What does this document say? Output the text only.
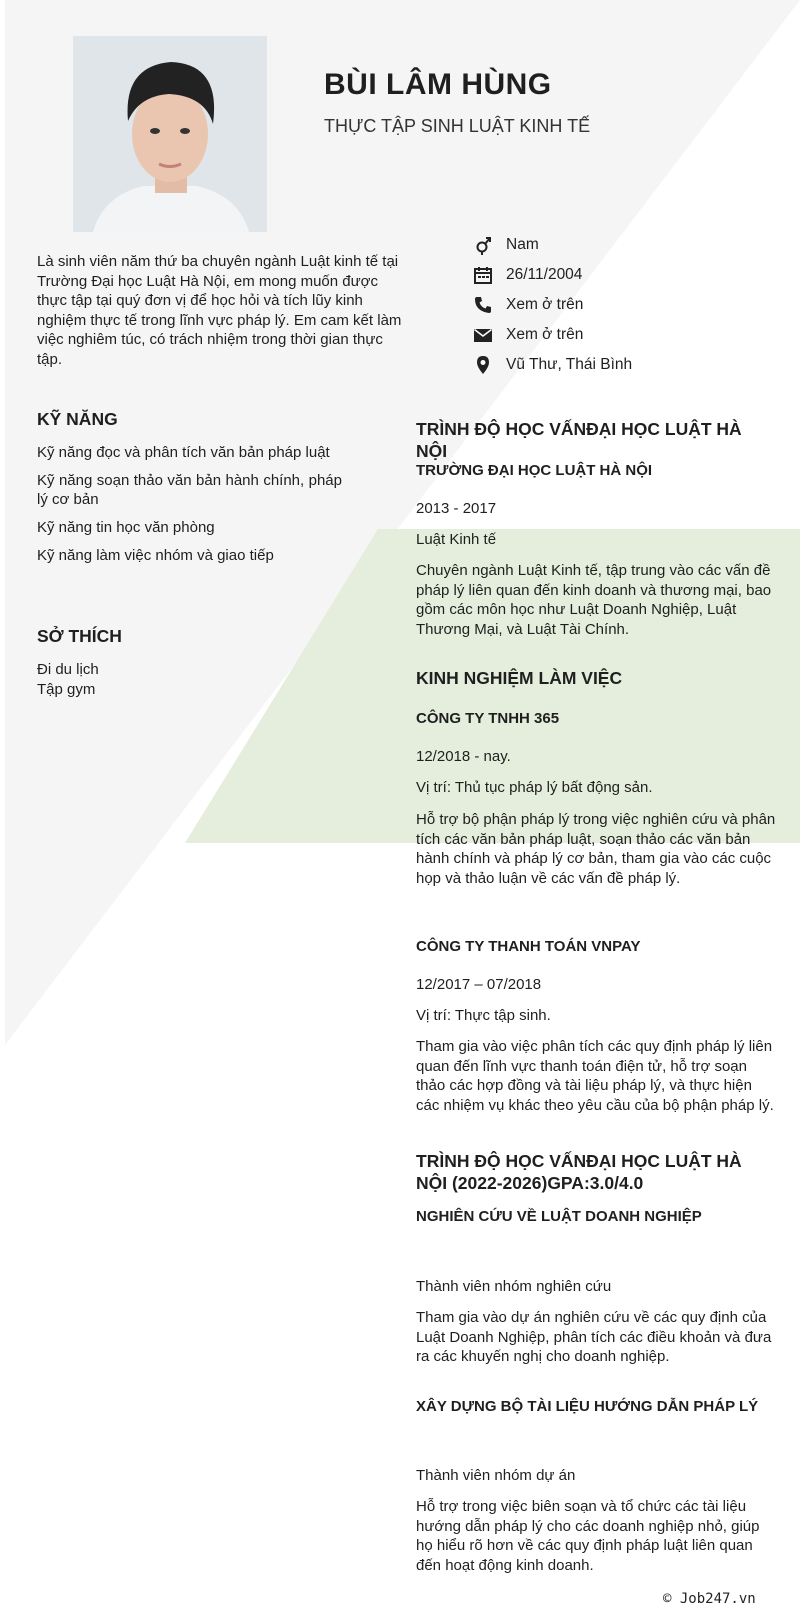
BÙI LÂM HÙNG
THỰC TẬP SINH LUẬT KINH TẾ
Là sinh viên năm thứ ba chuyên ngành Luật kinh tế tại Trường Đại học Luật Hà Nội, em mong muốn được thực tập tại quý đơn vị để học hỏi và tích lũy kinh nghiệm thực tế trong lĩnh vực pháp lý. Em cam kết làm việc nghiêm túc, có trách nhiệm trong thời gian thực tập.
Nam
26/11/2004
Xem ở trên
Xem ở trên
Vũ Thư, Thái Bình
KỸ NĂNG
Kỹ năng đọc và phân tích văn bản pháp luật
Kỹ năng soạn thảo văn bản hành chính, pháp lý cơ bản
Kỹ năng tin học văn phòng
Kỹ năng làm việc nhóm và giao tiếp
SỞ THÍCH
Đi du lịch
Tập gym
TRÌNH ĐỘ HỌC VẤNĐẠI HỌC LUẬT HÀ NỘI
TRƯỜNG ĐẠI HỌC LUẬT HÀ NỘI
2013 - 2017
Luật Kinh tế
Chuyên ngành Luật Kinh tế, tập trung vào các vấn đề pháp lý liên quan đến kinh doanh và thương mại, bao gồm các môn học như Luật Doanh Nghiệp, Luật Thương Mại, và Luật Tài Chính.
KINH NGHIỆM LÀM VIỆC
CÔNG TY TNHH 365
12/2018 - nay.
Vị trí: Thủ tục pháp lý bất động sản.
Hỗ trợ bộ phận pháp lý trong việc nghiên cứu và phân tích các văn bản pháp luật, soạn thảo các văn bản hành chính và pháp lý cơ bản, tham gia vào các cuộc họp và thảo luận về các vấn đề pháp lý.
CÔNG TY THANH TOÁN VNPAY
12/2017 – 07/2018
Vị trí: Thực tập sinh.
Tham gia vào việc phân tích các quy định pháp lý liên quan đến lĩnh vực thanh toán điện tử, hỗ trợ soạn thảo các hợp đồng và tài liệu pháp lý, và thực hiện các nhiệm vụ khác theo yêu cầu của bộ phận pháp lý.
TRÌNH ĐỘ HỌC VẤNĐẠI HỌC LUẬT HÀ NỘI (2022-2026)GPA:3.0/4.0
NGHIÊN CỨU VỀ LUẬT DOANH NGHIỆP
Thành viên nhóm nghiên cứu
Tham gia vào dự án nghiên cứu về các quy định của Luật Doanh Nghiệp, phân tích các điều khoản và đưa ra các khuyến nghị cho doanh nghiệp.
XÂY DỰNG BỘ TÀI LIỆU HƯỚNG DẪN PHÁP LÝ
Thành viên nhóm dự án
Hỗ trợ trong việc biên soạn và tổ chức các tài liệu hướng dẫn pháp lý cho các doanh nghiệp nhỏ, giúp họ hiểu rõ hơn về các quy định pháp luật liên quan đến hoạt động kinh doanh.
© Job247.vn
